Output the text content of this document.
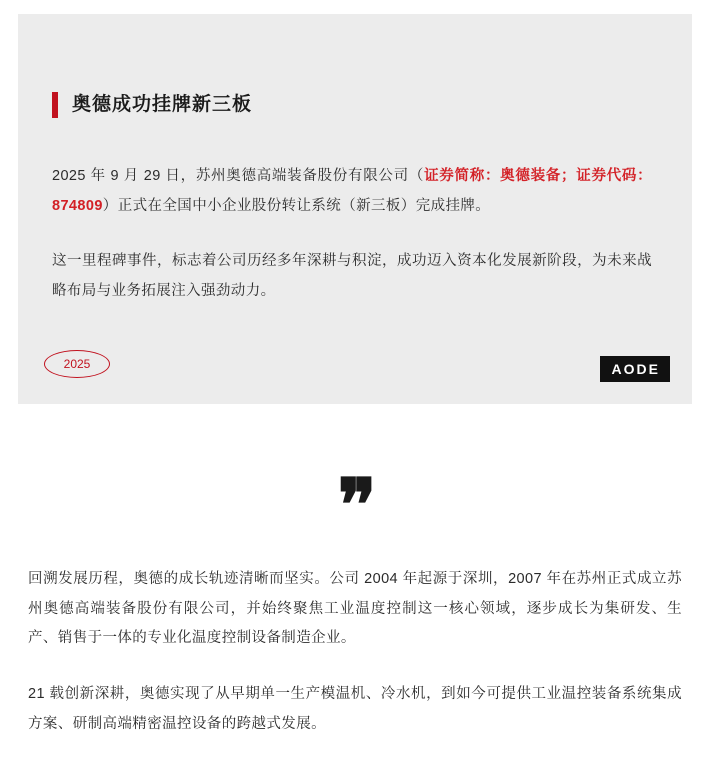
奥德成功挂牌新三板

2025 年 9 月 29 日，苏州奥德高端装备股份有限公司（证券简称：奥德装备；证券代码：874809）正式在全国中小企业股份转让系统（新三板）完成挂牌。

这一里程碑事件，标志着公司历经多年深耕与积淀，成功迈入资本化发展新阶段，为未来战略布局与业务拓展注入强劲动力。

2025	AODE
❞

回溯发展历程，奥德的成长轨迹清晰而坚实。公司 2004 年起源于深圳，2007 年在苏州正式成立苏州奥德高端装备股份有限公司，并始终聚焦工业温度控制这一核心领域，逐步成长为集研发、生产、销售于一体的专业化温度控制设备制造企业。

21 载创新深耕，奥德实现了从早期单一生产模温机、冷水机，到如今可提供工业温控装备系统集成方案、研制高端精密温控设备的跨越式发展。
